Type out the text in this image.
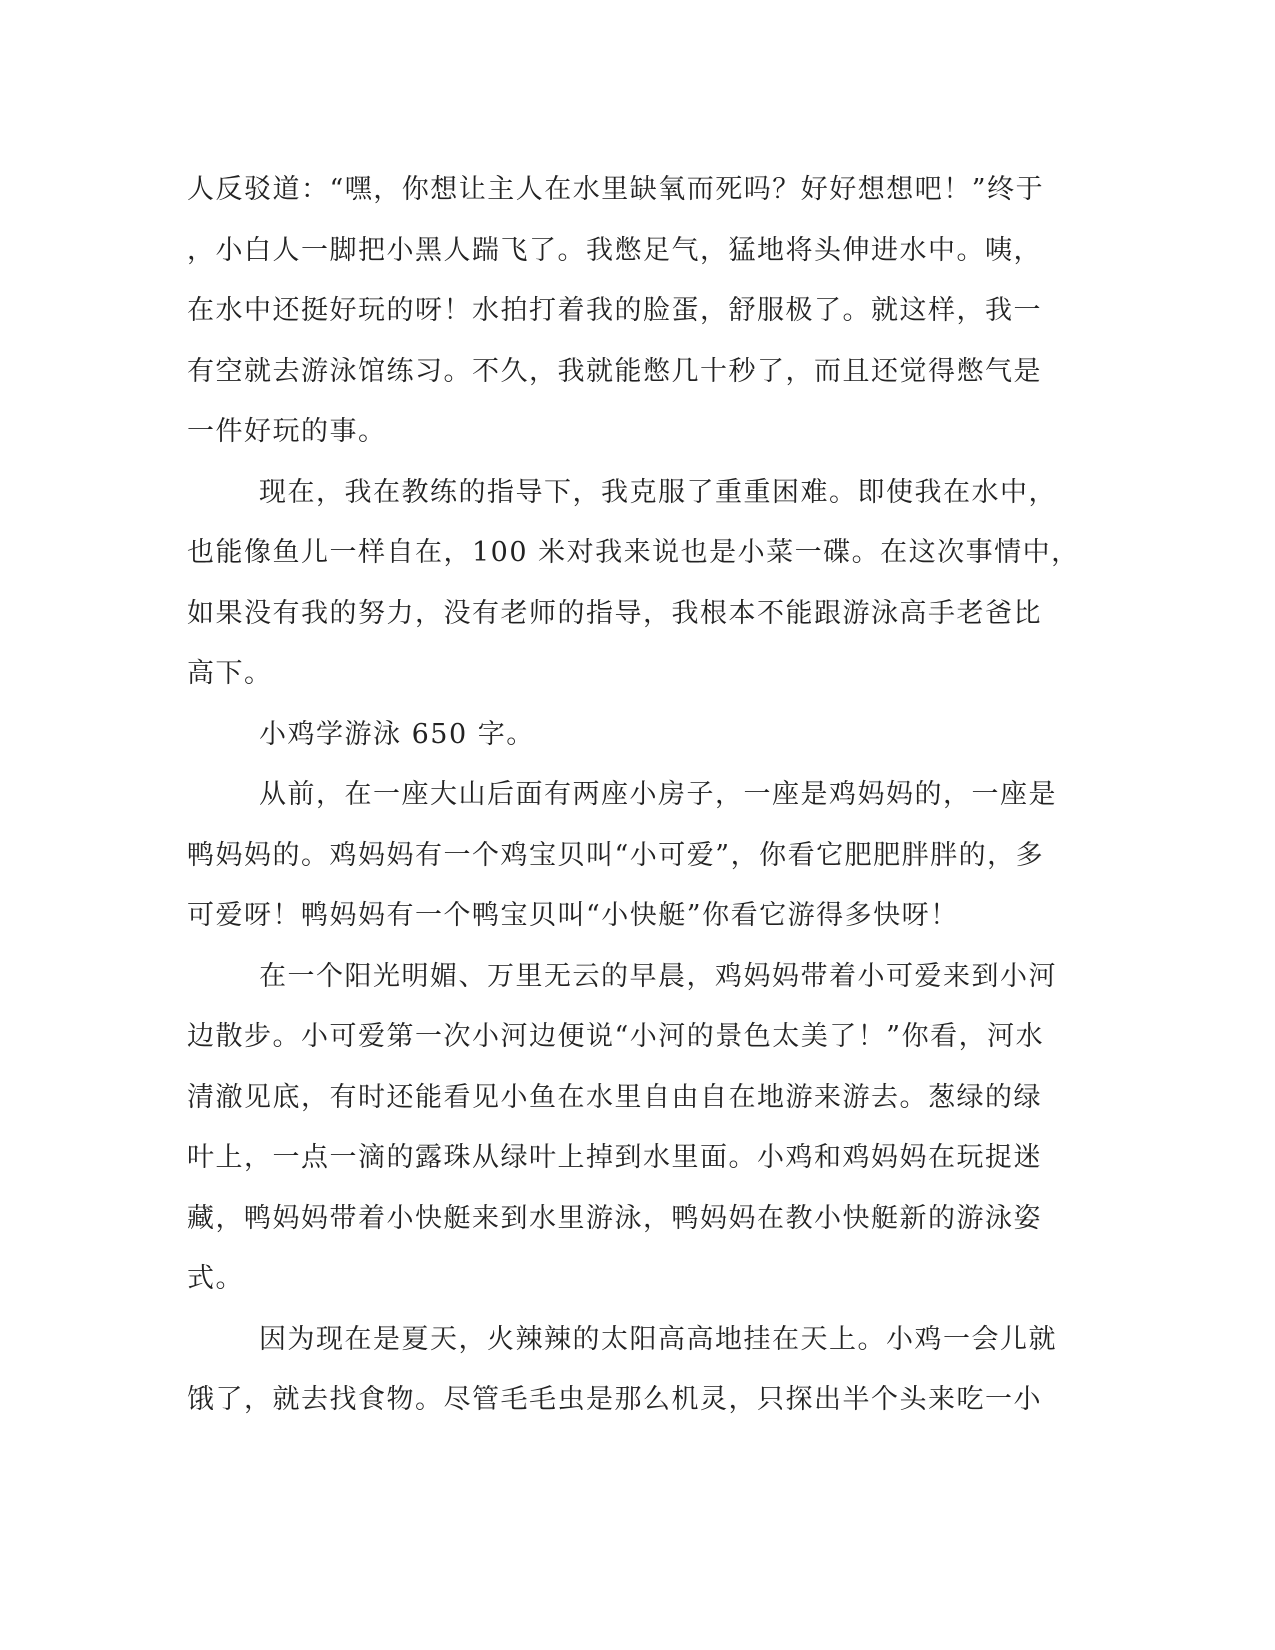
人反驳道：“嘿，你想让主人在水里缺氧而死吗？好好想想吧！”终于
，小白人一脚把小黑人踹飞了。我憋足气，猛地将头伸进水中。咦，
在水中还挺好玩的呀！水拍打着我的脸蛋，舒服极了。就这样，我一
有空就去游泳馆练习。不久，我就能憋几十秒了，而且还觉得憋气是
一件好玩的事。
现在，我在教练的指导下，我克服了重重困难。即使我在水中，
也能像鱼儿一样自在，100 米对我来说也是小菜一碟。在这次事情中，
如果没有我的努力，没有老师的指导，我根本不能跟游泳高手老爸比
高下。
小鸡学游泳 650 字。
从前，在一座大山后面有两座小房子，一座是鸡妈妈的，一座是
鸭妈妈的。鸡妈妈有一个鸡宝贝叫“小可爱”，你看它肥肥胖胖的，多
可爱呀！鸭妈妈有一个鸭宝贝叫“小快艇”你看它游得多快呀！
在一个阳光明媚、万里无云的早晨，鸡妈妈带着小可爱来到小河
边散步。小可爱第一次小河边便说“小河的景色太美了！”你看，河水
清澈见底，有时还能看见小鱼在水里自由自在地游来游去。葱绿的绿
叶上，一点一滴的露珠从绿叶上掉到水里面。小鸡和鸡妈妈在玩捉迷
藏，鸭妈妈带着小快艇来到水里游泳，鸭妈妈在教小快艇新的游泳姿
式。
因为现在是夏天，火辣辣的太阳高高地挂在天上。小鸡一会儿就
饿了，就去找食物。尽管毛毛虫是那么机灵，只探出半个头来吃一小
